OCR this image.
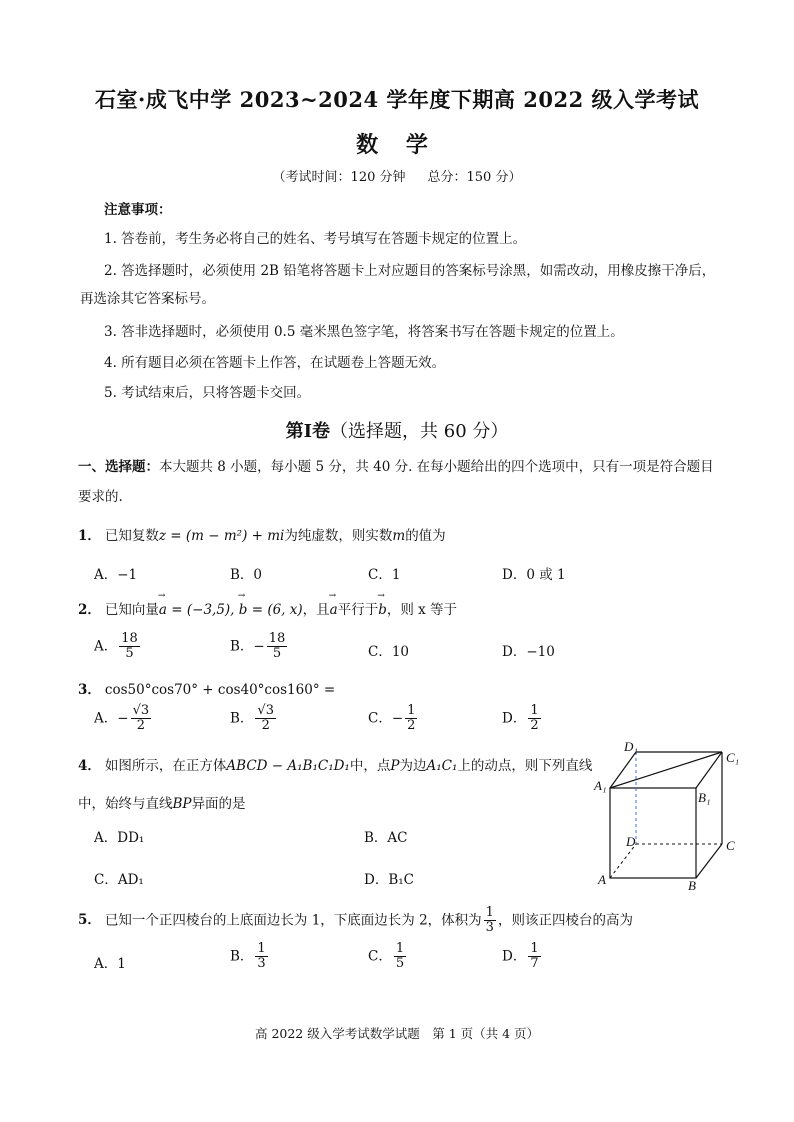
石室·成飞中学 2023~2024 学年度下期高 2022 级入学考试
数 学
（考试时间：120 分钟 总分：150 分）
注意事项：
1. 答卷前，考生务必将自己的姓名、考号填写在答题卡规定的位置上。
2. 答选择题时，必须使用 2B 铅笔将答题卡上对应题目的答案标号涂黑，如需改动，用橡皮擦干净后，再选涂其它答案标号。
3. 答非选择题时，必须使用 0.5 毫米黑色签字笔，将答案书写在答题卡规定的位置上。
4. 所有题目必须在答题卡上作答，在试题卷上答题无效。
5. 考试结束后，只将答题卡交回。
第Ⅰ卷（选择题，共 60 分）
一、选择题：本大题共 8 小题，每小题 5 分，共 40 分. 在每小题给出的四个选项中，只有一项是符合题目要求的.
1． 已知复数z = (m − m²) + mi为纯虚数，则实数m的值为
A．−1	B．0	C．1	D．0 或 1
2． 已知向量→ a = (−3,5), → b = (6, x)，且→ a平行于→ b，则 x 等于
A． $\frac{18}{5}$	B．− $\frac{18}{5}$	C．10	D．−10
3． cos50°cos70° + cos40°cos160° =
A．− $\frac{√3}{2}$	B． $\frac{√3}{2}$	C．− $\frac{1}{2}$	D． $\frac{1}{2}$
4． 如图所示，在正方体ABCD − A₁B₁C₁D₁中，点P为边A₁C₁上的动点，则下列直线
中，始终与直线BP异面的是
A．DD₁	B．AC
C．AD₁	D．B₁C
D₁
C₁
A₁
B₁
D	C
A	B
5． 已知一个正四棱台的上底面边长为 1，下底面边长为 2，体积为 $\frac{1}{3}$ ，则该正四棱台的高为
A．1	B． $\frac{1}{3}$	C． $\frac{1}{5}$	D． $\frac{1}{7}$
高 2022 级入学考试数学试题　第 1 页（共 4 页）
